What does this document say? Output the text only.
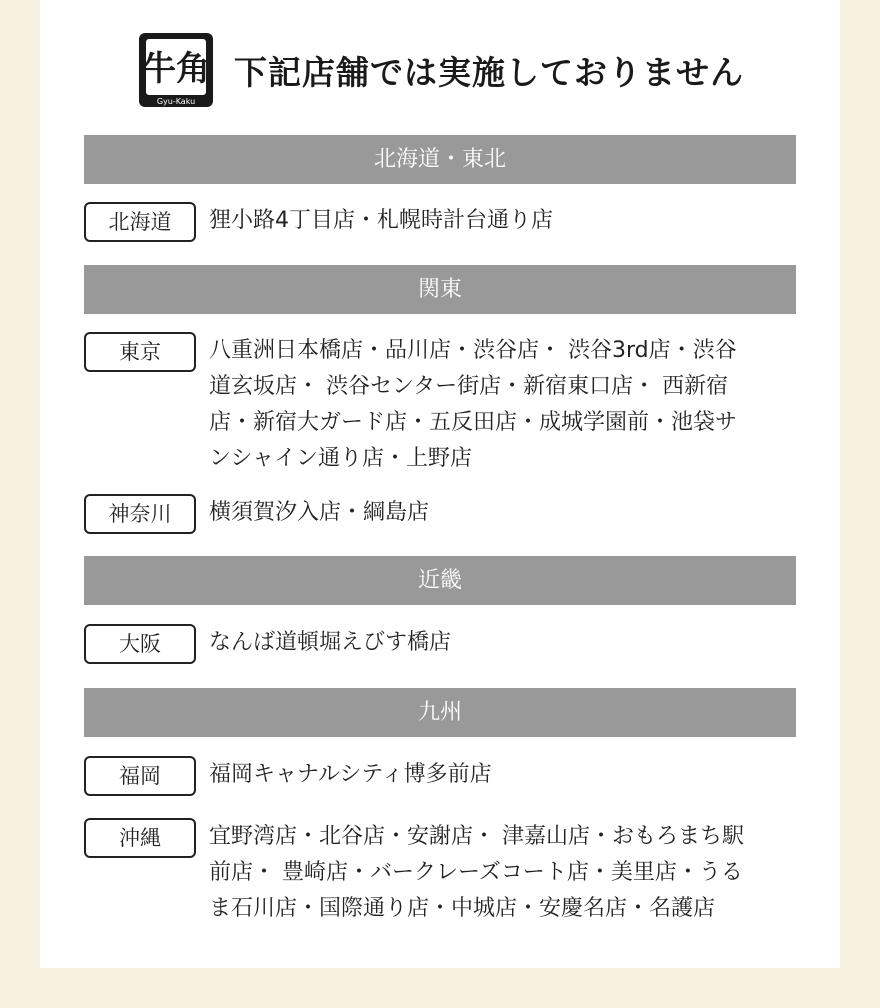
牛角
Gyu-Kaku
下記店舗では実施しておりません
北海道・東北
北海道	狸小路4丁目店・札幌時計台通り店
関東
東京	八重洲日本橋店・品川店・渋谷店・ 渋谷3rd店・渋谷
道玄坂店・ 渋谷センター街店・新宿東口店・ 西新宿
店・新宿大ガード店・五反田店・成城学園前・池袋サ
ンシャイン通り店・上野店
神奈川	横須賀汐入店・綱島店
近畿
大阪	なんば道頓堀えびす橋店
九州
福岡	福岡キャナルシティ博多前店
沖縄	宜野湾店・北谷店・安謝店・ 津嘉山店・おもろまち駅
前店・ 豊崎店・バークレーズコート店・美里店・うる
ま石川店・国際通り店・中城店・安慶名店・名護店
